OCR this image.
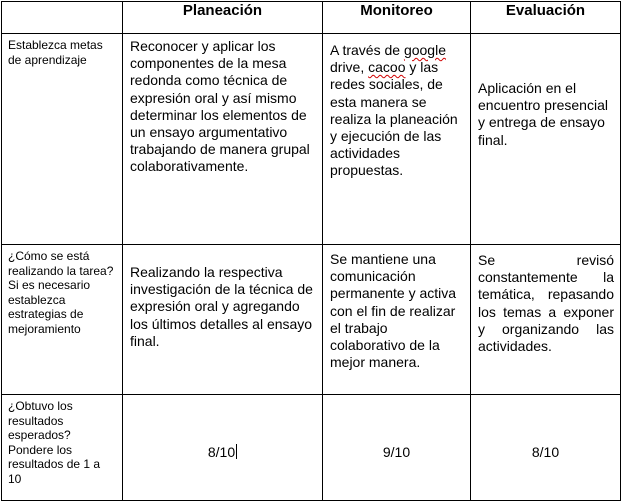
	Planeación	Monitoreo	Evaluación

Establezca metas de aprendizaje	Reconocer y aplicar los componentes de la mesa redonda como técnica de expresión oral y así mismo determinar los elementos de un ensayo argumentativo trabajando de manera grupal colaborativamente.	A través de google drive, cacoo y las redes sociales, de esta manera se realiza la planeación y ejecución de las actividades propuestas.	Aplicación en el encuentro presencial y entrega de ensayo final.

¿Cómo se está realizando la tarea?
Si es necesario establezca estrategias de mejoramiento	Realizando la respectiva investigación de la técnica de expresión oral y agregando los últimos detalles al ensayo final.	Se mantiene una comunicación permanente y activa con el fin de realizar el trabajo colaborativo de la mejor manera.	Se revisó constantemente la temática, repasando los temas a exponer y organizando las actividades.

¿Obtuvo los resultados esperados? Pondere los resultados de 1 a 10	8/10	9/10	8/10
